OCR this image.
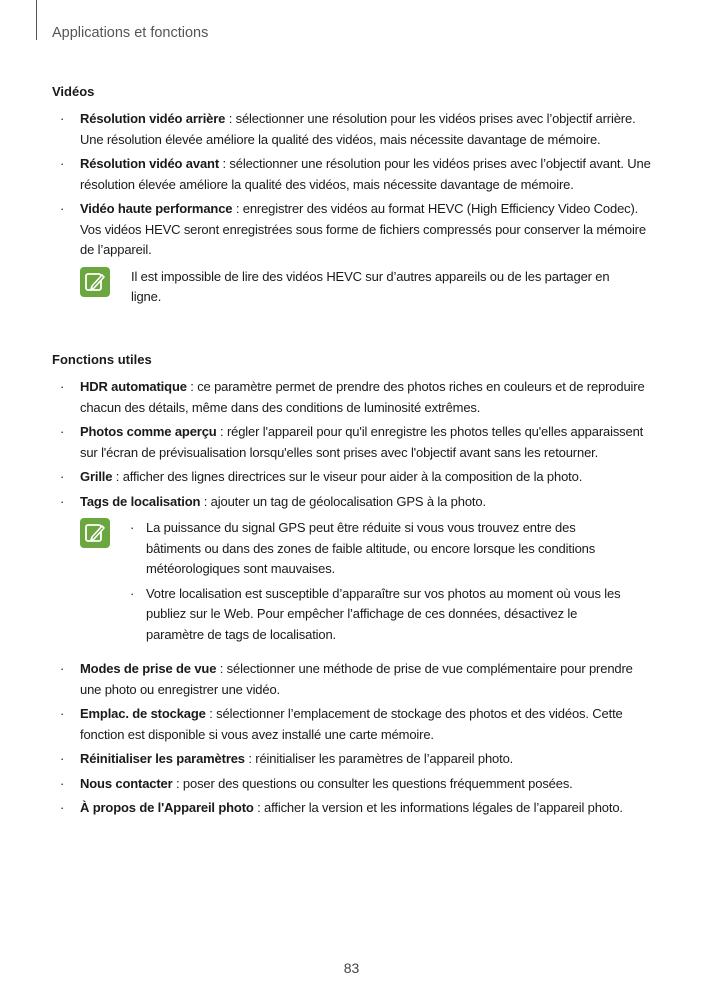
Applications et fonctions

Vidéos

· Résolution vidéo arrière : sélectionner une résolution pour les vidéos prises avec l’objectif arrière. Une résolution élevée améliore la qualité des vidéos, mais nécessite davantage de mémoire.
· Résolution vidéo avant : sélectionner une résolution pour les vidéos prises avec l’objectif avant. Une résolution élevée améliore la qualité des vidéos, mais nécessite davantage de mémoire.
· Vidéo haute performance : enregistrer des vidéos au format HEVC (High Efficiency Video Codec). Vos vidéos HEVC seront enregistrées sous forme de fichiers compressés pour conserver la mémoire de l’appareil.
Il est impossible de lire des vidéos HEVC sur d’autres appareils ou de les partager en ligne.

Fonctions utiles

· HDR automatique : ce paramètre permet de prendre des photos riches en couleurs et de reproduire chacun des détails, même dans des conditions de luminosité extrêmes.
· Photos comme aperçu : régler l'appareil pour qu'il enregistre les photos telles qu'elles apparaissent sur l'écran de prévisualisation lorsqu'elles sont prises avec l'objectif avant sans les retourner.
· Grille : afficher des lignes directrices sur le viseur pour aider à la composition de la photo.
· Tags de localisation : ajouter un tag de géolocalisation GPS à la photo.
· La puissance du signal GPS peut être réduite si vous vous trouvez entre des bâtiments ou dans des zones de faible altitude, ou encore lorsque les conditions météorologiques sont mauvaises.
· Votre localisation est susceptible d’apparaître sur vos photos au moment où vous les publiez sur le Web. Pour empêcher l’affichage de ces données, désactivez le paramètre de tags de localisation.
· Modes de prise de vue : sélectionner une méthode de prise de vue complémentaire pour prendre une photo ou enregistrer une vidéo.
· Emplac. de stockage : sélectionner l’emplacement de stockage des photos et des vidéos. Cette fonction est disponible si vous avez installé une carte mémoire.
· Réinitialiser les paramètres : réinitialiser les paramètres de l’appareil photo.
· Nous contacter : poser des questions ou consulter les questions fréquemment posées.
· À propos de l'Appareil photo : afficher la version et les informations légales de l’appareil photo.
83
